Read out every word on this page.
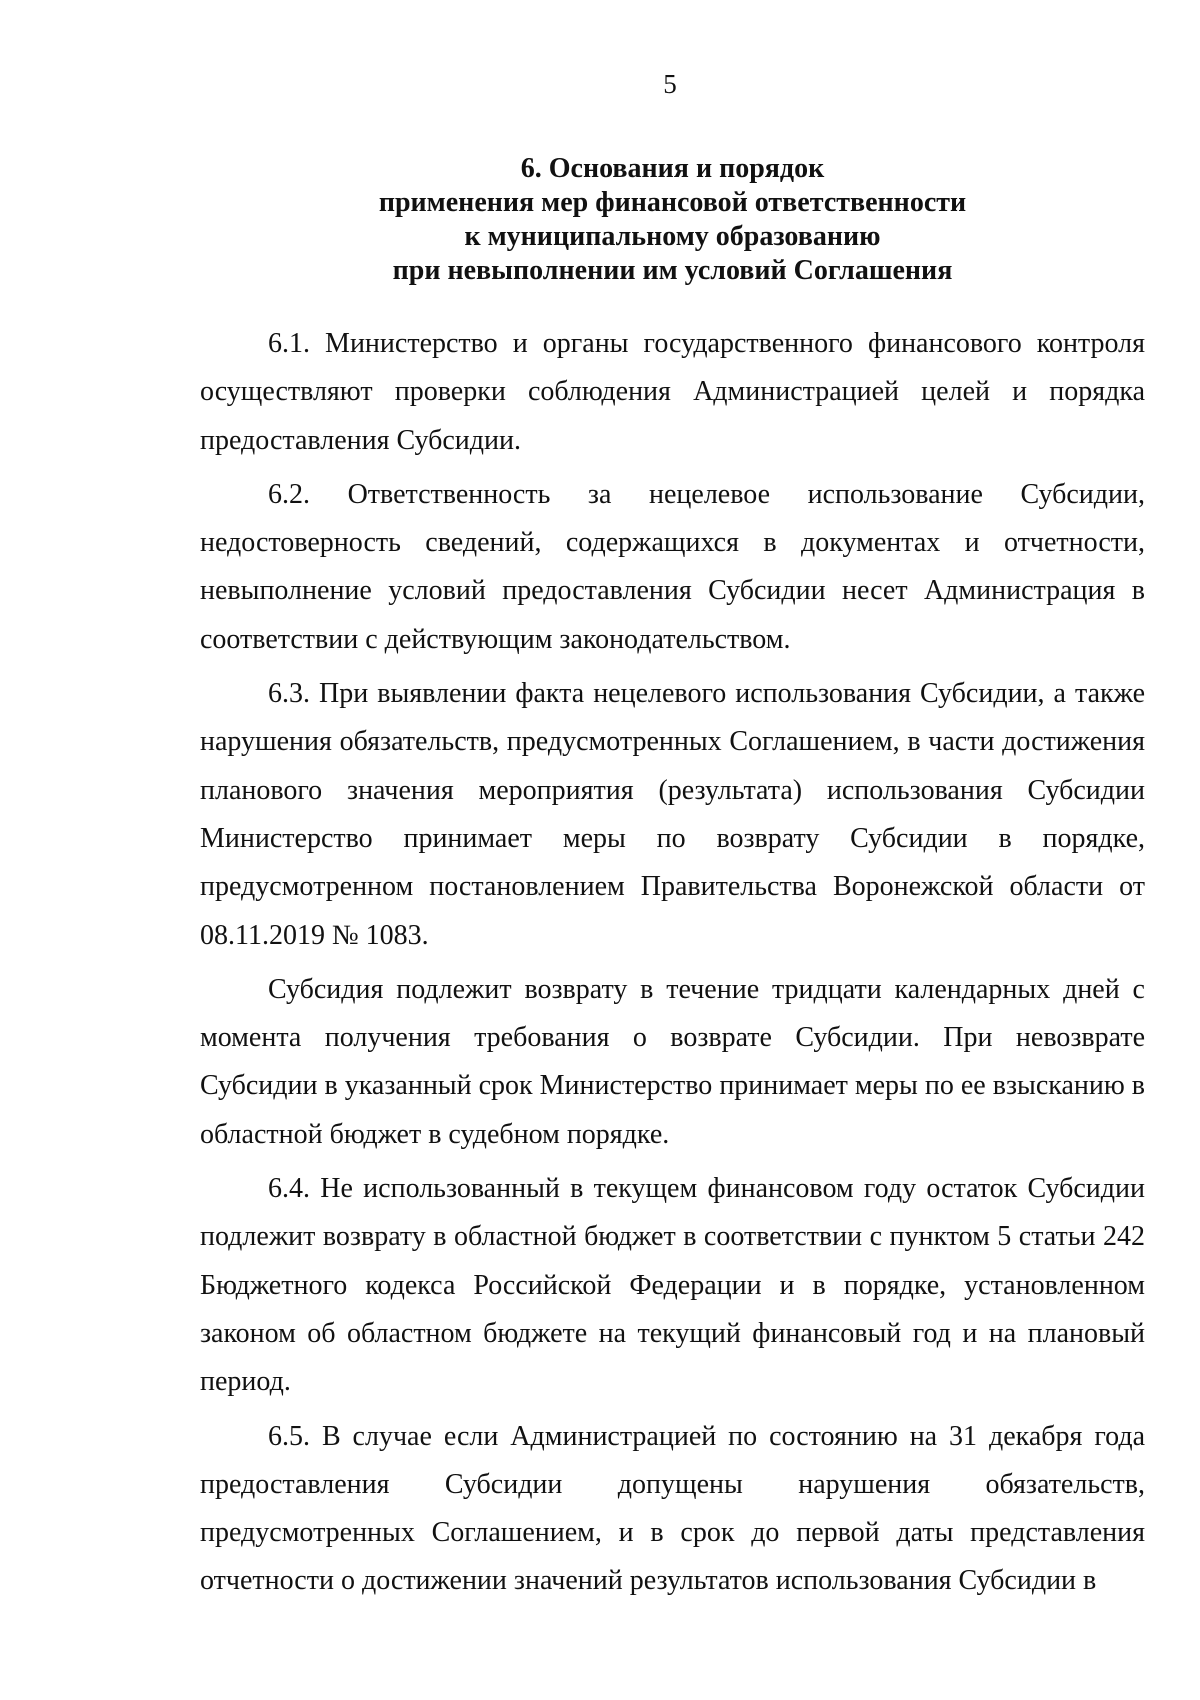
5
6. Основания и порядок
применения мер финансовой ответственности
к муниципальному образованию
при невыполнении им условий Соглашения

6.1. Министерство и органы государственного финансового контроля осуществляют проверки соблюдения Администрацией целей и порядка предоставления Субсидии.

6.2. Ответственность за нецелевое использование Субсидии, недостоверность сведений, содержащихся в документах и отчетности, невыполнение условий предоставления Субсидии несет Администрация в соответствии с действующим законодательством.

6.3. При выявлении факта нецелевого использования Субсидии, а также нарушения обязательств, предусмотренных Соглашением, в части достижения планового значения мероприятия (результата) использования Субсидии Министерство принимает меры по возврату Субсидии в порядке, предусмотренном постановлением Правительства Воронежской области от 08.11.2019 № 1083.

Субсидия подлежит возврату в течение тридцати календарных дней с момента получения требования о возврате Субсидии. При невозврате Субсидии в указанный срок Министерство принимает меры по ее взысканию в областной бюджет в судебном порядке.

6.4. Не использованный в текущем финансовом году остаток Субсидии подлежит возврату в областной бюджет в соответствии с пунктом 5 статьи 242 Бюджетного кодекса Российской Федерации и в порядке, установленном законом об областном бюджете на текущий финансовый год и на плановый период.

6.5. В случае если Администрацией по состоянию на 31 декабря года предоставления Субсидии допущены нарушения обязательств, предусмотренных Соглашением, и в срок до первой даты представления отчетности о достижении значений результатов использования Субсидии в
